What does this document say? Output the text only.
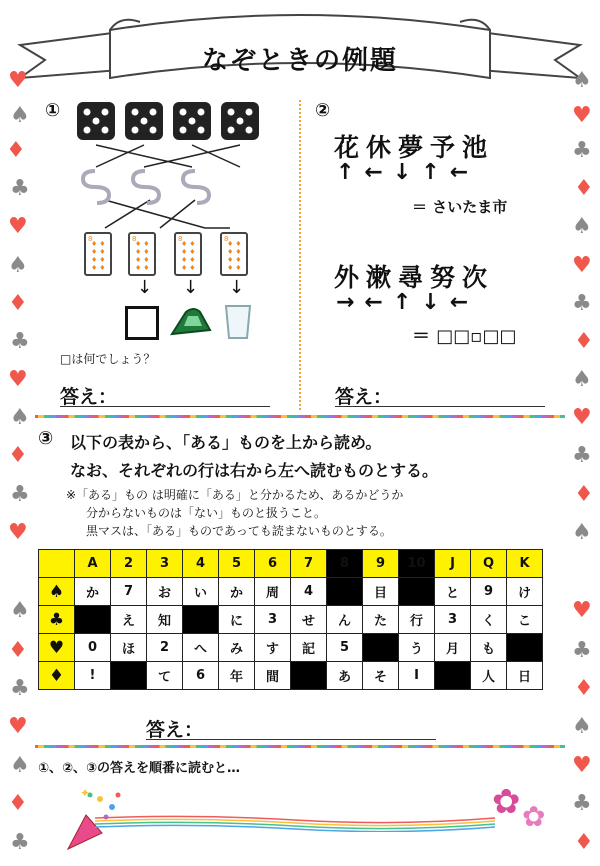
なぞときの例題
♥
♠
♦
♣
♥
♠
♦
♣
♥
♠
♦
♣
♥
♠
♦
♣
♥
♠
♦
♣
♠
♥
♣
♦
♠
♥
♣
♦
♠
♥
♣
♦
♠
♥
♣
♦
♠
♥
♣
♦
①
8
♦♦ ♦♦ ♦♦ ♦♦
8
♦♦ ♦♦ ♦♦ ♦♦
8
♦♦ ♦♦ ♦♦ ♦♦
8
♦♦ ♦♦ ♦♦ ♦♦
↓ ↓ ↓
□は何でしょう？
答え：
②
花休夢予池
↑←↓↑←
＝ さいたま市
外漱尋努次
→←↑↓←
＝ □□▫□□
答え：
③ 以下の表から、「ある」ものを上から読め。
なお、それぞれの行は右から左へ読むものとする。
※「ある」もの は明確に「ある」と分かるため、あるかどうか
分からないものは「ない」ものと扱うこと。
黒マスは、「ある」ものであっても読まないものとする。
	A	2	3	4	5	6	7	8	9	10	J	Q	K
♠	か	7	お	い	か	周	4		目		と	9	け
♣		え	知		に	3	せ	ん	た	行	3	く	こ
♥	0	ほ	2	へ	み	す	記	5		う	月	も	
♦	!		て	6	年	間		あ	そ	I		人	日
答え：
①、②、③の答えを順番に読むと…
✿ ✿
✦
